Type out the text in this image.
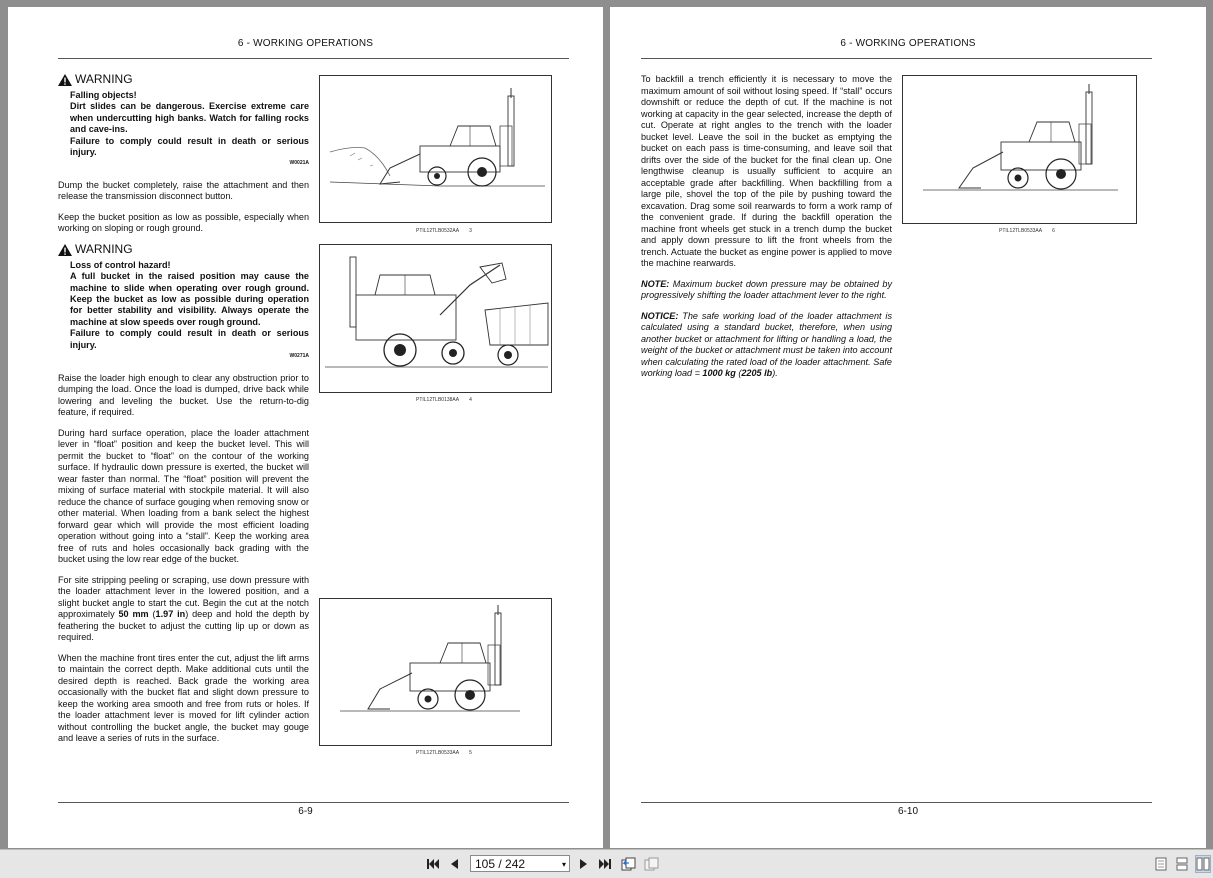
6 - WORKING OPERATIONS
WARNING
Falling objects!
Dirt slides can be dangerous. Exercise extreme care when undercutting high banks. Watch for falling rocks and cave-ins.
Failure to comply could result in death or serious injury.
W0021A

Dump the bucket completely, raise the attachment and then release the transmission disconnect button.

Keep the bucket position as low as possible, especially when working on sloping or rough ground.

WARNING
Loss of control hazard!
A full bucket in the raised position may cause the machine to slide when operating over rough ground. Keep the bucket as low as possible during operation for better stability and visibility. Always operate the machine at slow speeds over rough ground.
Failure to comply could result in death or serious injury.
W0271A

Raise the loader high enough to clear any obstruction prior to dumping the load. Once the load is dumped, drive back while lowering and leveling the bucket. Use the return-to-dig feature, if required.

During hard surface operation, place the loader attachment lever in “float” position and keep the bucket level. This will permit the bucket to “float” on the contour of the working surface. If hydraulic down pressure is exerted, the bucket will wear faster than normal. The “float” position will prevent the mixing of surface material with stockpile material. It will also reduce the chance of surface gouging when removing snow or other material. When loading from a bank select the highest forward gear which will provide the most efficient loading operation without going into a “stall”. Keep the working area free of ruts and holes occasionally back grading with the bucket using the low rear edge of the bucket.

For site stripping peeling or scraping, use down pressure with the loader attachment lever in the lowered position, and a slight bucket angle to start the cut. Begin the cut at the notch approximately 50 mm (1.97 in) deep and hold the depth by feathering the bucket to adjust the cutting lip up or down as required.

When the machine front tires enter the cut, adjust the lift arms to maintain the correct depth. Make additional cuts until the desired depth is reached. Back grade the working area occasionally with the bucket flat and slight down pressure to keep the working area smooth and free from ruts or holes. If the loader attachment lever is moved for lift cylinder action without controlling the bucket angle, the bucket may gouge and leave a series of ruts in the surface.

PTIL12TLB0532AA 3
PTIL12TLB0138AA 4
PTIL12TLB0533AA 5
6-9
6 - WORKING OPERATIONS

To backfill a trench efficiently it is necessary to move the maximum amount of soil without losing speed. If “stall” occurs downshift or reduce the depth of cut. If the machine is not working at capacity in the gear selected, increase the depth of cut. Operate at right angles to the trench with the loader bucket level. Leave the soil in the bucket as emptying the bucket on each pass is time-consuming, and leave soil that drifts over the side of the bucket for the final clean up. One lengthwise cleanup is usually sufficient to acquire an acceptable grade after backfilling. When backfilling from a large pile, shovel the top of the pile by pushing toward the excavation. Drag some soil rearwards to form a work ramp of the convenient grade. If during the backfill operation the machine front wheels get stuck in a trench dump the bucket and apply down pressure to lift the front wheels from the trench. Actuate the bucket as engine power is applied to move the machine rearwards.

NOTE: Maximum bucket down pressure may be obtained by progressively shifting the loader attachment lever to the right.

NOTICE: The safe working load of the loader attachment is calculated using a standard bucket, therefore, when using another bucket or attachment for lifting or handling a load, the weight of the bucket or attachment must be taken into account when calculating the rated load of the loader attachment. Safe working load = 1000 kg (2205 lb).

PTIL12TLB0533AA 6
6-10
105 / 242	▾
